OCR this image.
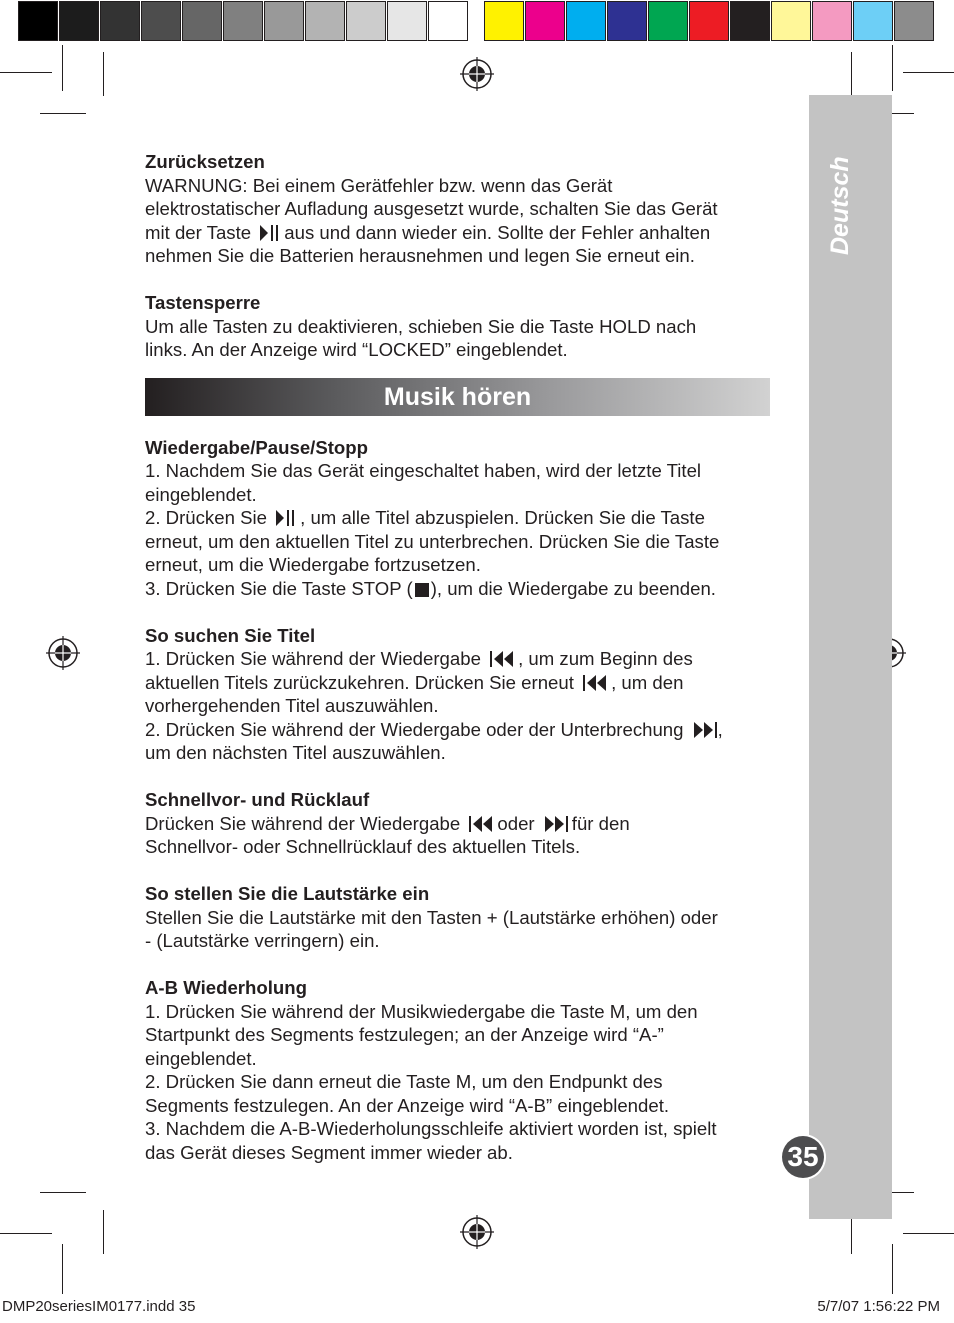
Deutsch
35

Zurücksetzen

WARNUNG: Bei einem Gerätfehler bzw. wenn das Gerät

elektrostatischer Aufladung ausgesetzt wurde, schalten Sie das Gerät

mit der Taste aus und dann wieder ein. Sollte der Fehler anhalten

nehmen Sie die Batterien herausnehmen und legen Sie erneut ein.

Tastensperre

Um alle Tasten zu deaktivieren, schieben Sie die Taste HOLD nach

links. An der Anzeige wird “LOCKED” eingeblendet.

Musik hören

Wiedergabe/Pause/Stopp

1. Nachdem Sie das Gerät eingeschaltet haben, wird der letzte Titel

eingeblendet.

2. Drücken Sie , um alle Titel abzuspielen. Drücken Sie die Taste

erneut, um den aktuellen Titel zu unterbrechen. Drücken Sie die Taste

erneut, um die Wiedergabe fortzusetzen.

3. Drücken Sie die Taste STOP ( ), um die Wiedergabe zu beenden.

So suchen Sie Titel

1. Drücken Sie während der Wiedergabe , um zum Beginn des

aktuellen Titels zurückzukehren. Drücken Sie erneut , um den

vorhergehenden Titel auszuwählen.

2. Drücken Sie während der Wiedergabe oder der Unterbrechung ,

um den nächsten Titel auszuwählen.

Schnellvor- und Rücklauf

Drücken Sie während der Wiedergabe oder für den

Schnellvor- oder Schnellrücklauf des aktuellen Titels.

So stellen Sie die Lautstärke ein

Stellen Sie die Lautstärke mit den Tasten + (Lautstärke erhöhen) oder

- (Lautstärke verringern) ein.

A-B Wiederholung

1. Drücken Sie während der Musikwiedergabe die Taste M, um den

Startpunkt des Segments festzulegen; an der Anzeige wird “A-”

eingeblendet.

2. Drücken Sie dann erneut die Taste M, um den Endpunkt des

Segments festzulegen. An der Anzeige wird “A-B” eingeblendet.

3. Nachdem die A-B-Wiederholungsschleife aktiviert worden ist, spielt

das Gerät dieses Segment immer wieder ab.

DMP20seriesIM0177.indd 35	5/7/07 1:56:22 PM
